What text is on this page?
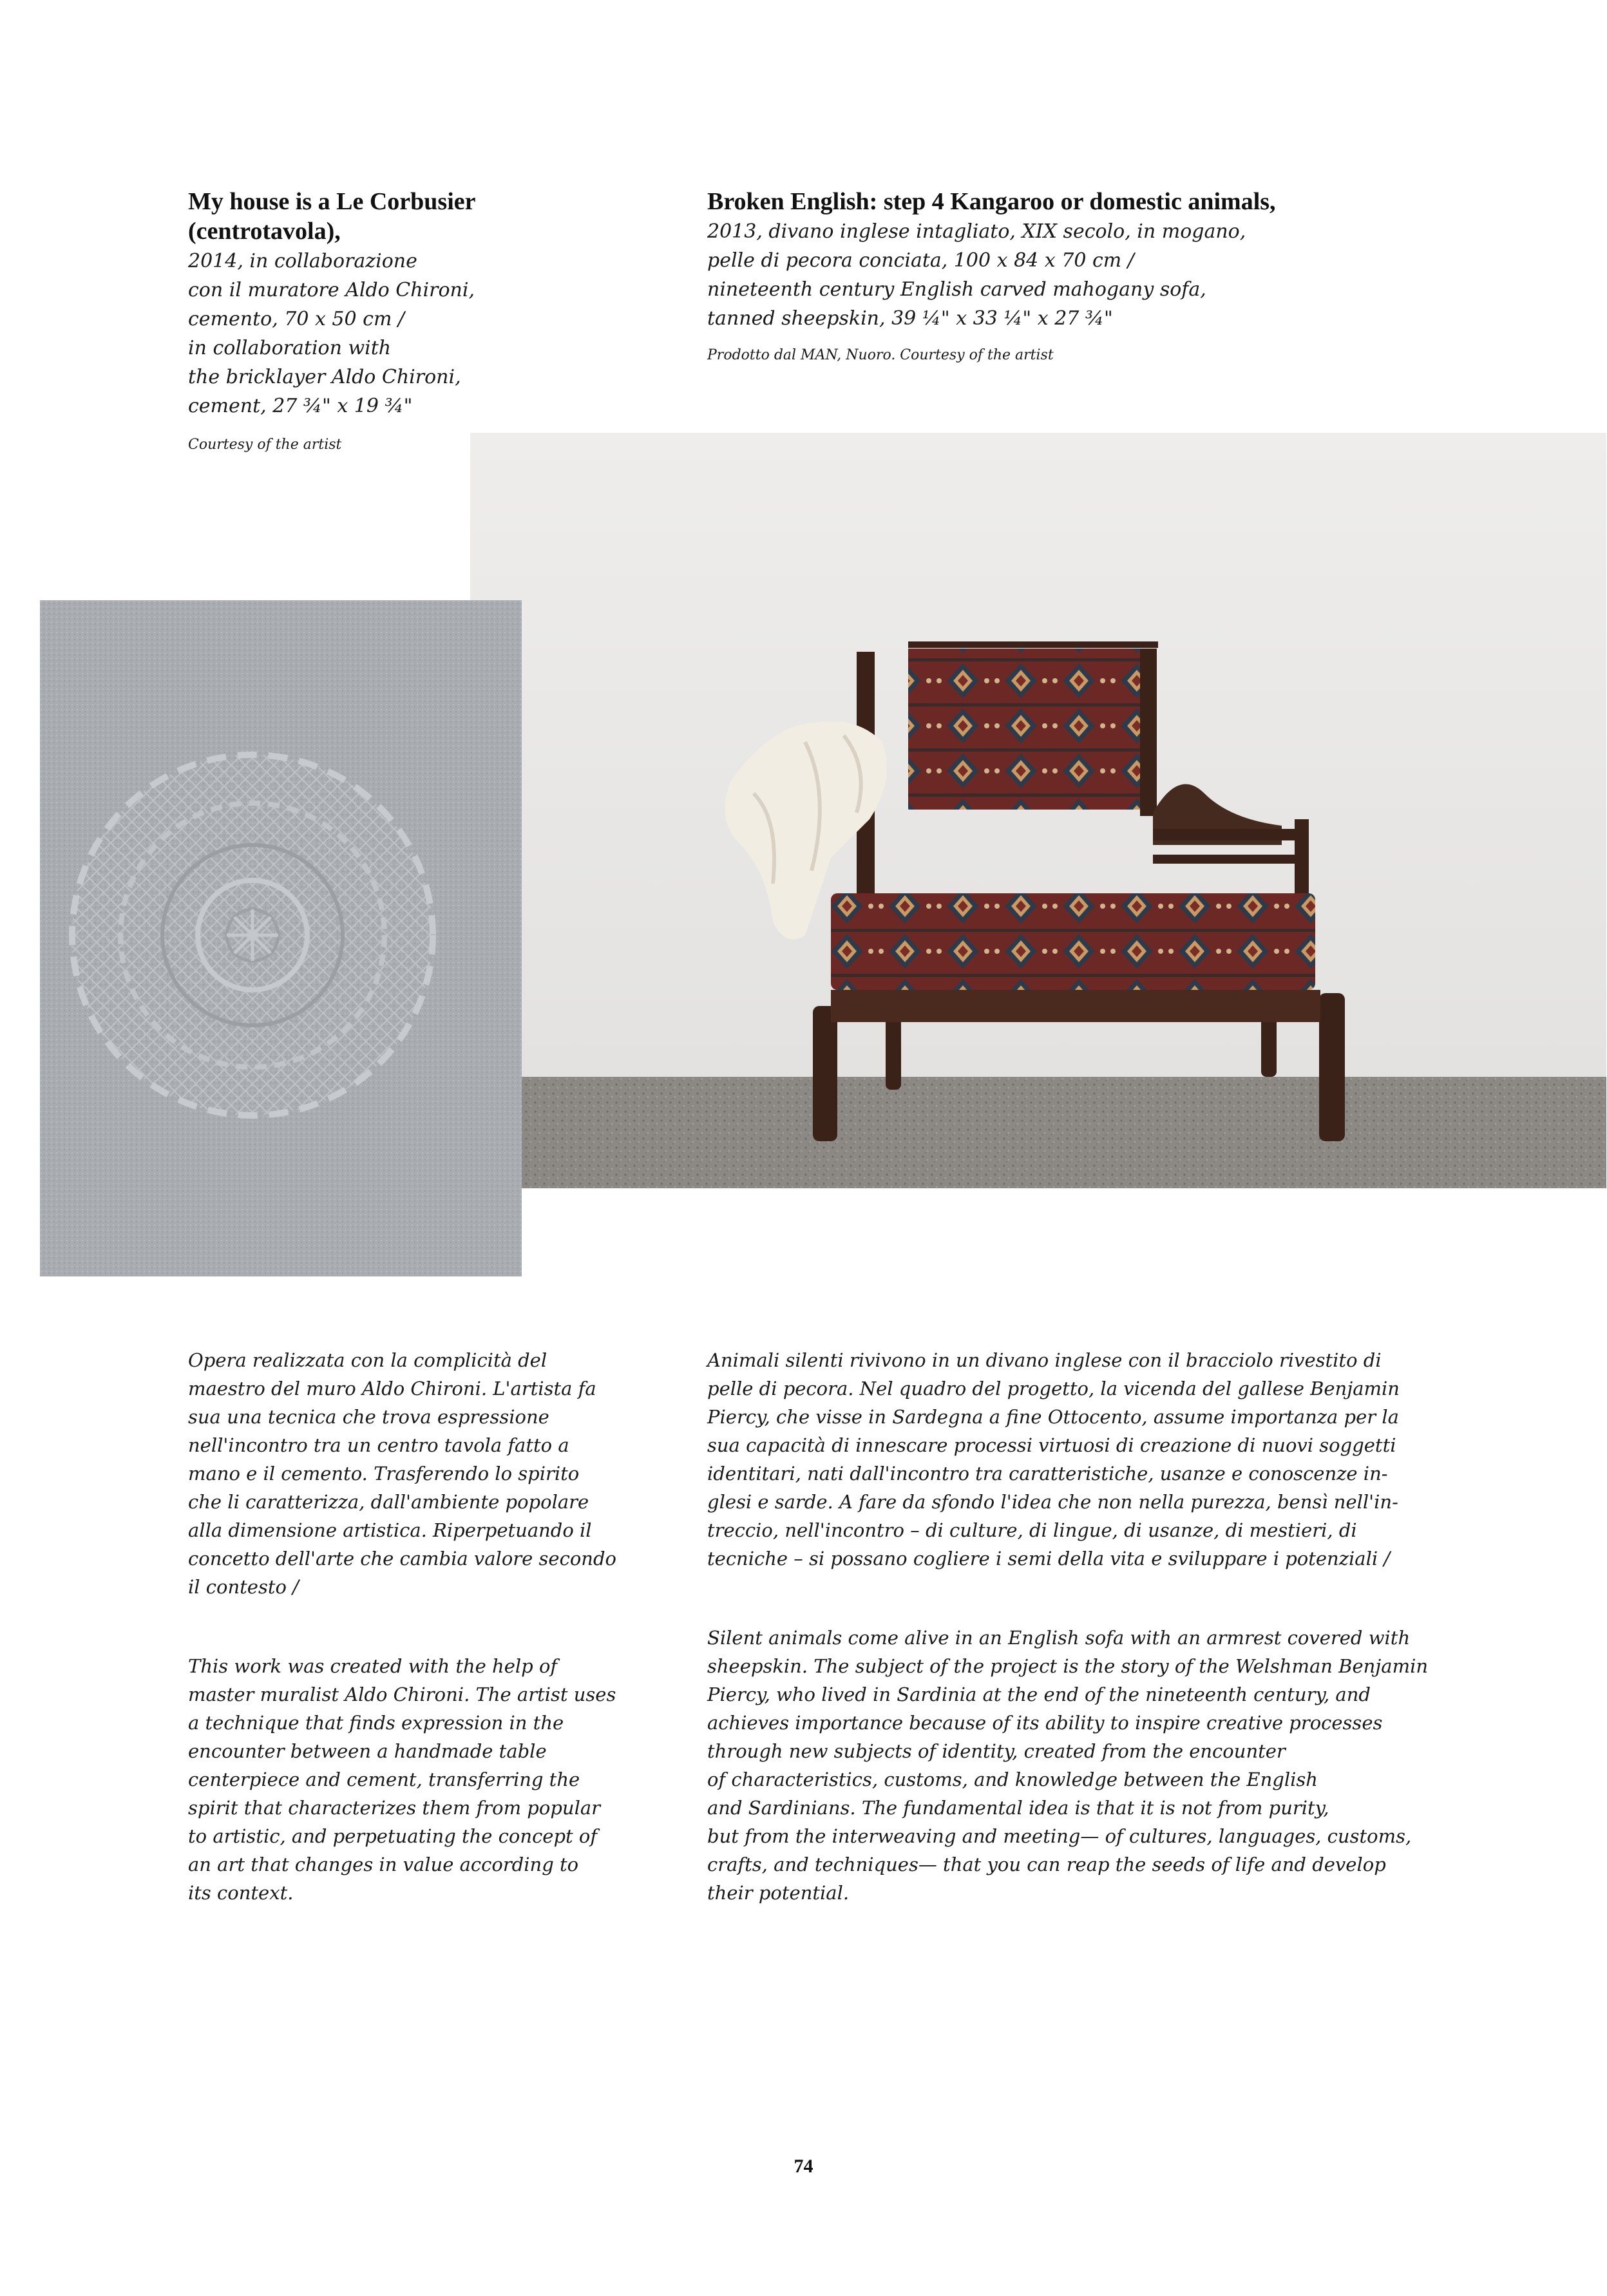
My house is a Le Corbusier
(centrotavola),
2014, in collaborazione
con il muratore Aldo Chironi,
cemento, 70 x 50 cm /
in collaboration with
the bricklayer Aldo Chironi,
cement, 27 ¾" x 19 ¾"
Courtesy of the artist
Broken English: step 4 Kangaroo or domestic animals,
2013, divano inglese intagliato, XIX secolo, in mogano,
pelle di pecora conciata, 100 x 84 x 70 cm /
nineteenth century English carved mahogany sofa,
tanned sheepskin, 39 ¼" x 33 ¼" x 27 ¾"
Prodotto dal MAN, Nuoro. Courtesy of the artist
Opera realizzata con la complicità del
maestro del muro Aldo Chironi. L'artista fa
sua una tecnica che trova espressione
nell'incontro tra un centro tavola fatto a
mano e il cemento. Trasferendo lo spirito
che li caratterizza, dall'ambiente popolare
alla dimensione artistica. Riperpetuando il
concetto dell'arte che cambia valore secondo
il contesto /
This work was created with the help of
master muralist Aldo Chironi. The artist uses
a technique that finds expression in the
encounter between a handmade table
centerpiece and cement, transferring the
spirit that characterizes them from popular
to artistic, and perpetuating the concept of
an art that changes in value according to
its context.
Animali silenti rivivono in un divano inglese con il bracciolo rivestito di
pelle di pecora. Nel quadro del progetto, la vicenda del gallese Benjamin
Piercy, che visse in Sardegna a fine Ottocento, assume importanza per la
sua capacità di innescare processi virtuosi di creazione di nuovi soggetti
identitari, nati dall'incontro tra caratteristiche, usanze e conoscenze in-
glesi e sarde. A fare da sfondo l'idea che non nella purezza, bensì nell'in-
treccio, nell'incontro – di culture, di lingue, di usanze, di mestieri, di
tecniche – si possano cogliere i semi della vita e sviluppare i potenziali /
Silent animals come alive in an English sofa with an armrest covered with
sheepskin. The subject of the project is the story of the Welshman Benjamin
Piercy, who lived in Sardinia at the end of the nineteenth century, and
achieves importance because of its ability to inspire creative processes
through new subjects of identity, created from the encounter
of characteristics, customs, and knowledge between the English
and Sardinians. The fundamental idea is that it is not from purity,
but from the interweaving and meeting— of cultures, languages, customs,
crafts, and techniques— that you can reap the seeds of life and develop
their potential.
74
